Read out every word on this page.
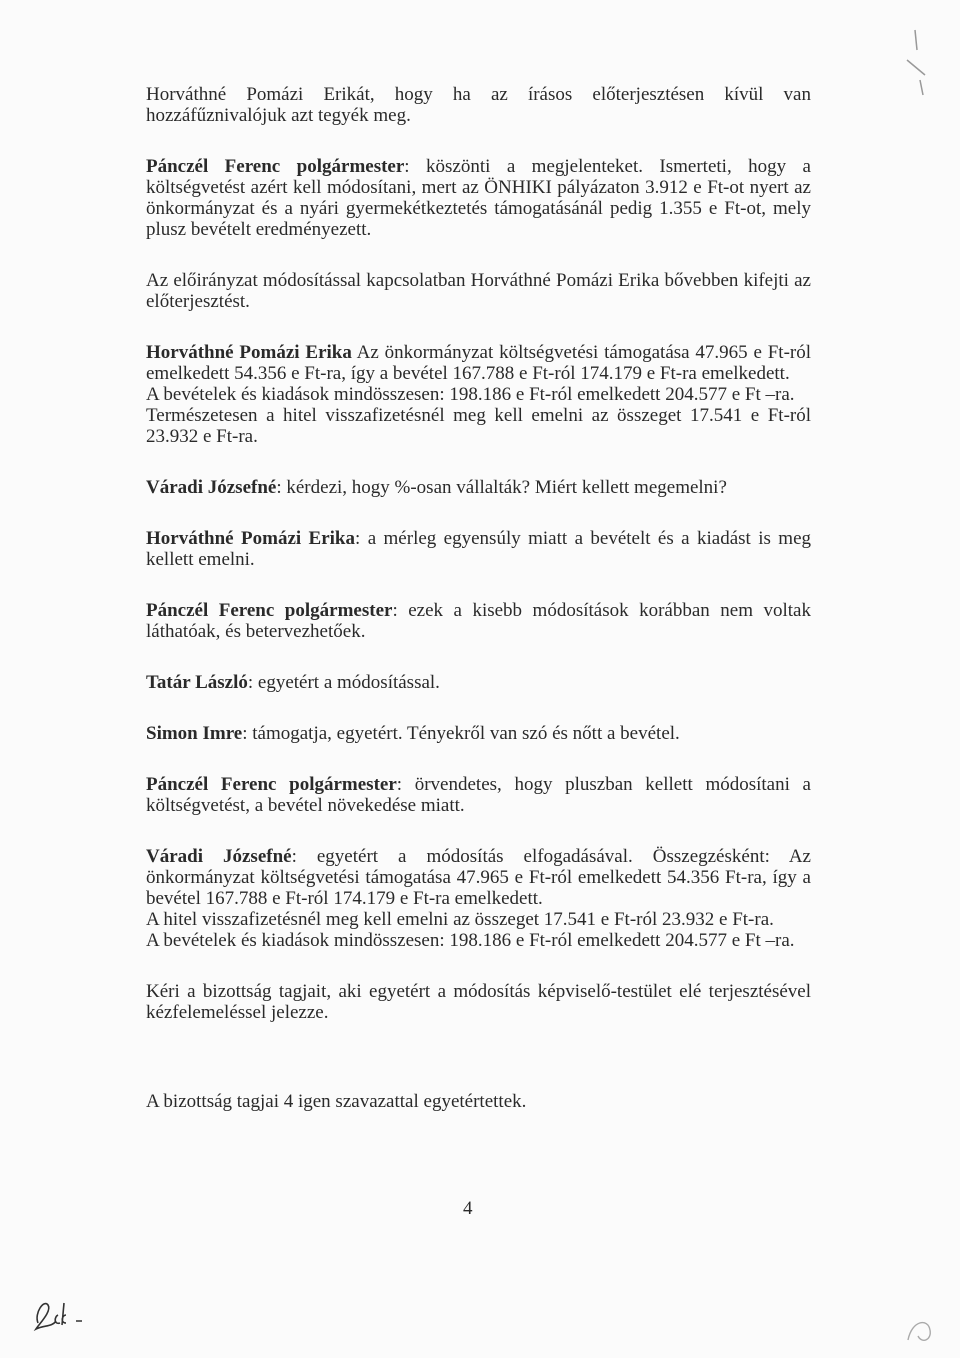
Horváthné Pomázi Erikát, hogy ha az írásos előterjesztésen kívül van hozzáfűznivalójuk azt tegyék meg.

Pánczél Ferenc polgármester: köszönti a megjelenteket. Ismerteti, hogy a költségvetést azért kell módosítani, mert az ÖNHIKI pályázaton 3.912 e Ft-ot nyert az önkormányzat és a nyári gyermekétkeztetés támogatásánál pedig 1.355 e Ft-ot, mely plusz bevételt eredményezett.

Az előirányzat módosítással kapcsolatban Horváthné Pomázi Erika bővebben kifejti az előterjesztést.

Horváthné Pomázi Erika Az önkormányzat költségvetési támogatása 47.965 e Ft-ról emelkedett 54.356 e Ft-ra, így a bevétel 167.788 e Ft-ról 174.179 e Ft-ra emelkedett.

A bevételek és kiadások mindösszesen: 198.186 e Ft-ról emelkedett 204.577 e Ft –ra.

Természetesen a hitel visszafizetésnél meg kell emelni az összeget 17.541 e Ft-ról 23.932 e Ft-ra.

Váradi Józsefné: kérdezi, hogy %-osan vállalták? Miért kellett megemelni?

Horváthné Pomázi Erika: a mérleg egyensúly miatt a bevételt és a kiadást is meg kellett emelni.

Pánczél Ferenc polgármester: ezek a kisebb módosítások korábban nem voltak láthatóak, és betervezhetőek.

Tatár László: egyetért a módosítással.

Simon Imre: támogatja, egyetért. Tényekről van szó és nőtt a bevétel.

Pánczél Ferenc polgármester: örvendetes, hogy pluszban kellett módosítani a költségvetést, a bevétel növekedése miatt.

Váradi Józsefné: egyetért a módosítás elfogadásával. Összegzésként: Az önkormányzat költségvetési támogatása 47.965 e Ft-ról emelkedett 54.356 Ft-ra, így a bevétel 167.788 e Ft-ról 174.179 e Ft-ra emelkedett.

A hitel visszafizetésnél meg kell emelni az összeget 17.541 e Ft-ról 23.932 e Ft-ra.

A bevételek és kiadások mindösszesen: 198.186 e Ft-ról emelkedett 204.577 e Ft –ra.

Kéri a bizottság tagjait, aki egyetért a módosítás képviselő-testület elé terjesztésével kézfelemeléssel jelezze.

A bizottság tagjai 4 igen szavazattal egyetértettek.

4
